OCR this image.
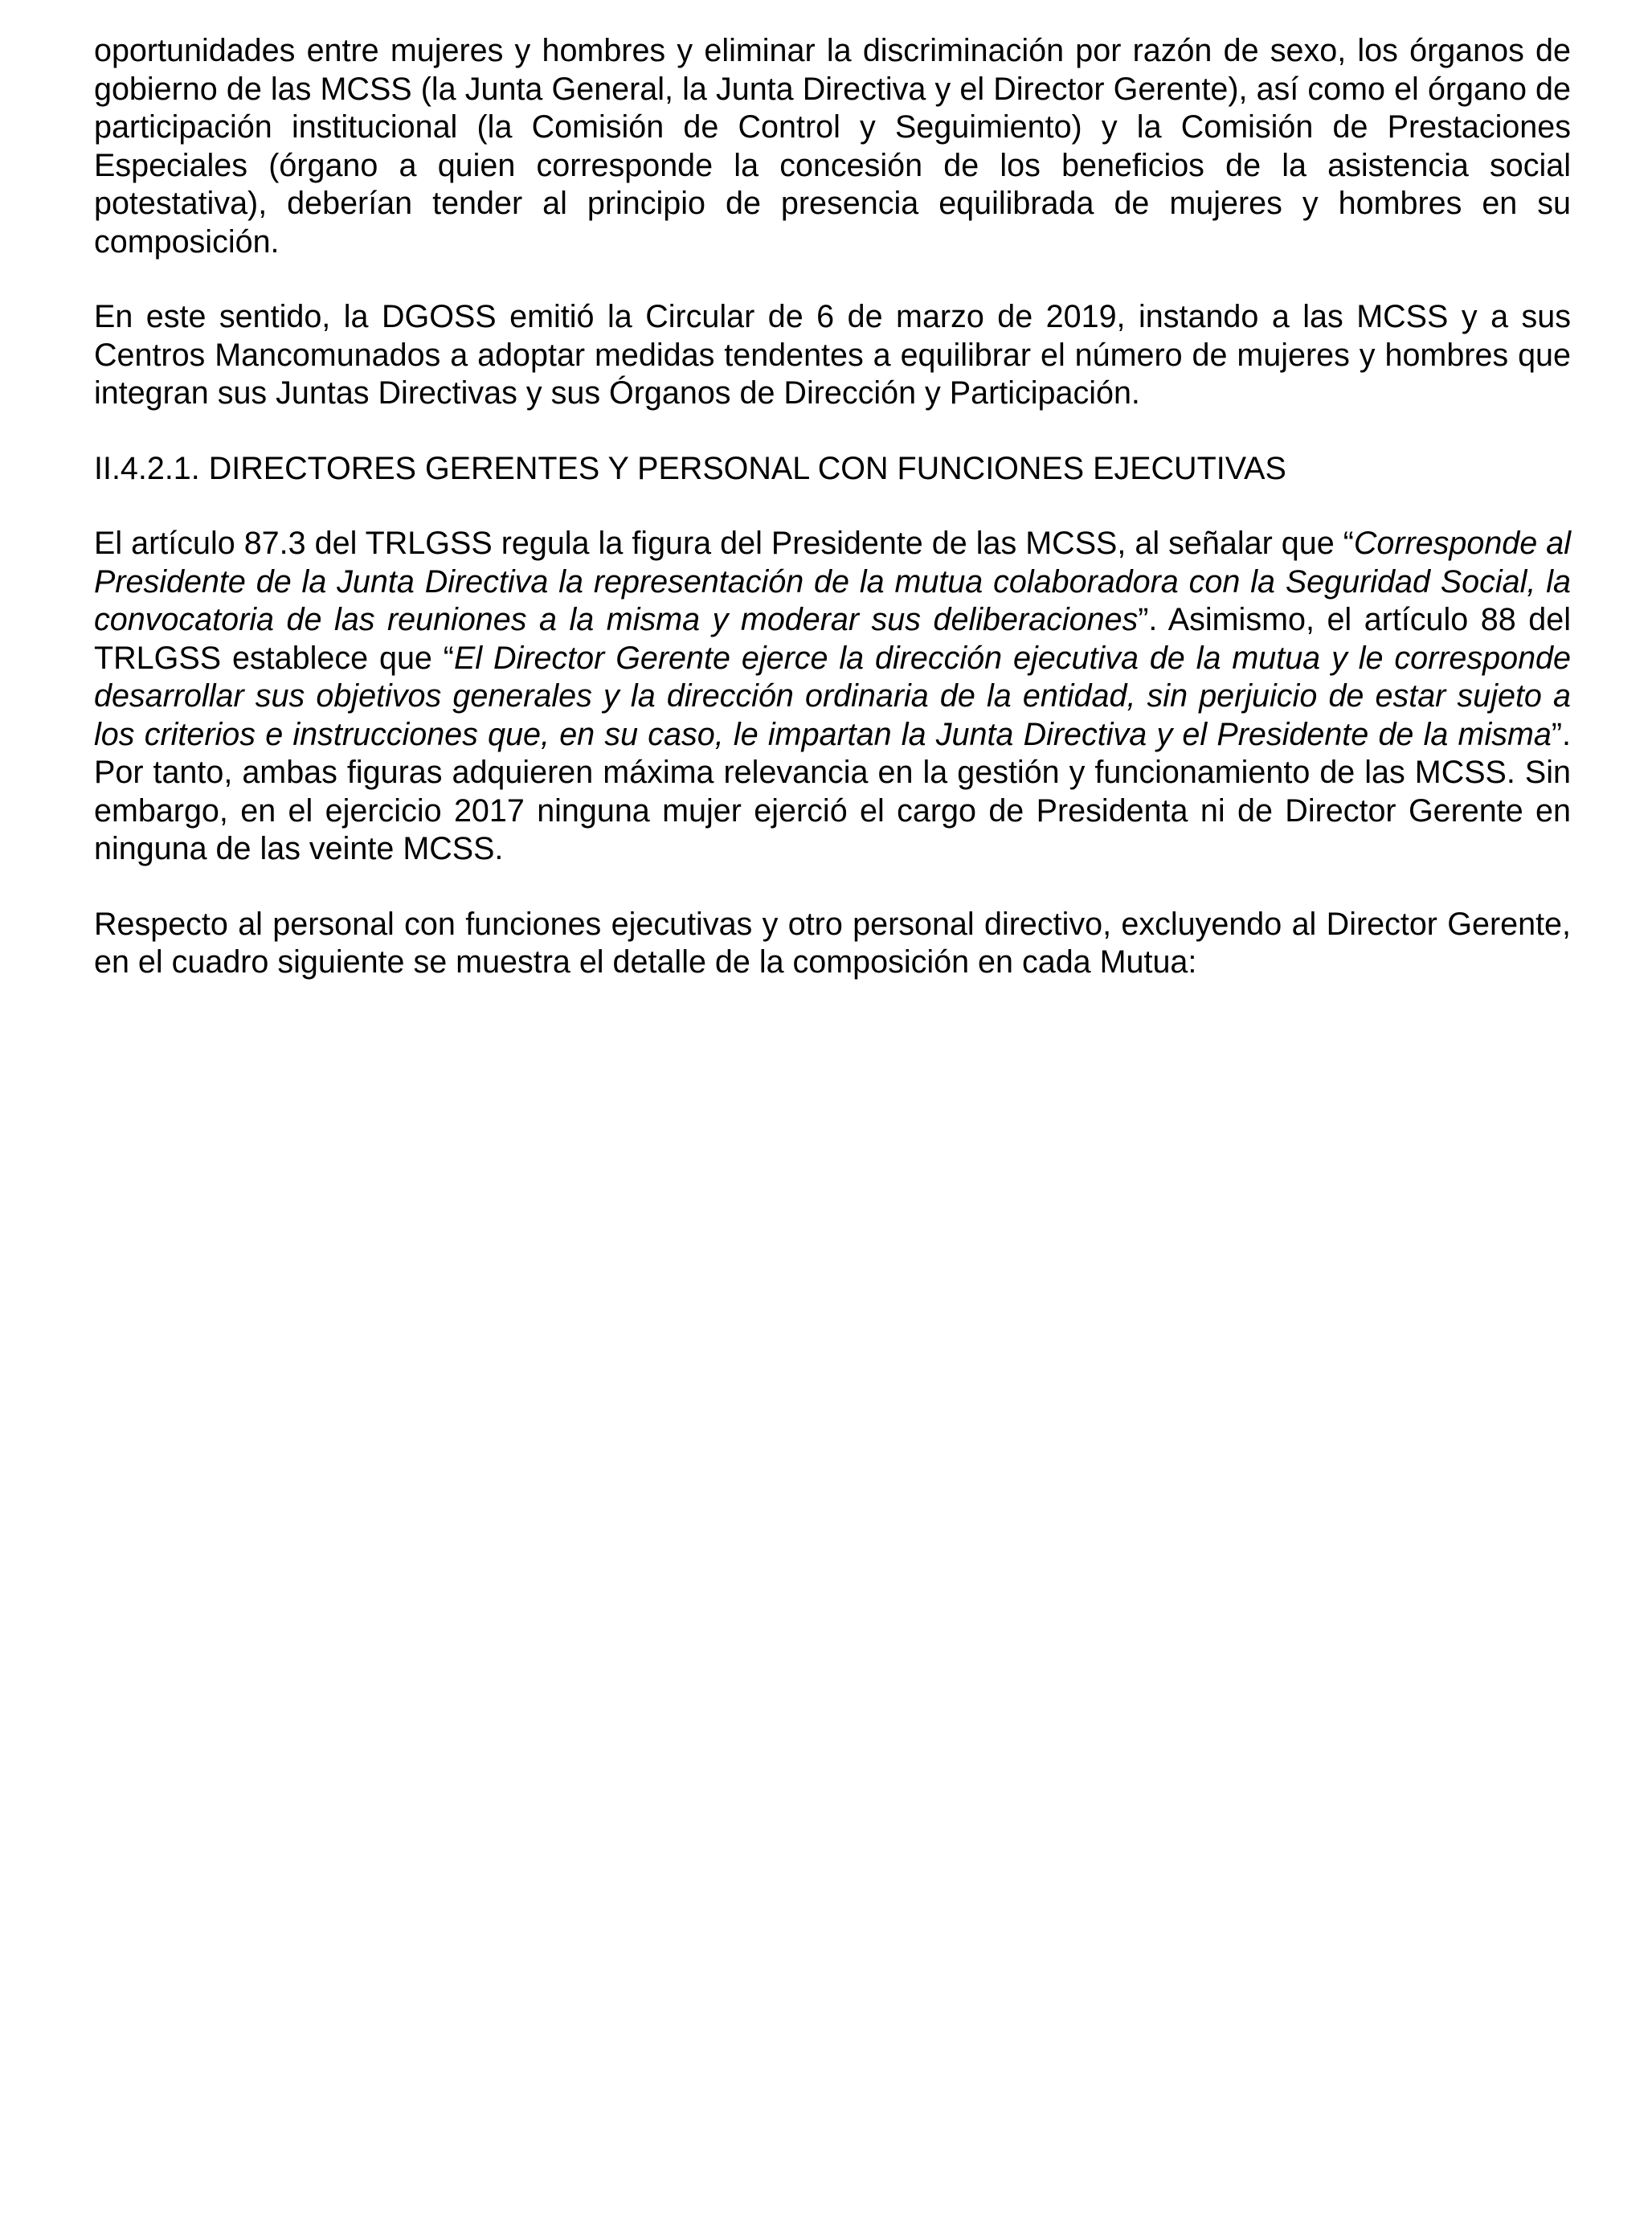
oportunidades entre mujeres y hombres y eliminar la discriminación por razón de sexo, los órganos de gobierno de las MCSS (la Junta General, la Junta Directiva y el Director Gerente), así como el órgano de participación institucional (la Comisión de Control y Seguimiento) y la Comisión de Prestaciones Especiales (órgano a quien corresponde la concesión de los beneficios de la asistencia social potestativa), deberían tender al principio de presencia equilibrada de mujeres y hombres en su composición.

En este sentido, la DGOSS emitió la Circular de 6 de marzo de 2019, instando a las MCSS y a sus Centros Mancomunados a adoptar medidas tendentes a equilibrar el número de mujeres y hombres que integran sus Juntas Directivas y sus Órganos de Dirección y Participación.

II.4.2.1. DIRECTORES GERENTES Y PERSONAL CON FUNCIONES EJECUTIVAS

El artículo 87.3 del TRLGSS regula la figura del Presidente de las MCSS, al señalar que “Corresponde al Presidente de la Junta Directiva la representación de la mutua colaboradora con la Seguridad Social, la convocatoria de las reuniones a la misma y moderar sus deliberaciones”. Asimismo, el artículo 88 del TRLGSS establece que “El Director Gerente ejerce la dirección ejecutiva de la mutua y le corresponde desarrollar sus objetivos generales y la dirección ordinaria de la entidad, sin perjuicio de estar sujeto a los criterios e instrucciones que, en su caso, le impartan la Junta Directiva y el Presidente de la misma”. Por tanto, ambas figuras adquieren máxima relevancia en la gestión y funcionamiento de las MCSS. Sin embargo, en el ejercicio 2017 ninguna mujer ejerció el cargo de Presidenta ni de Director Gerente en ninguna de las veinte MCSS.

Respecto al personal con funciones ejecutivas y otro personal directivo, excluyendo al Director Gerente, en el cuadro siguiente se muestra el detalle de la composición en cada Mutua:
